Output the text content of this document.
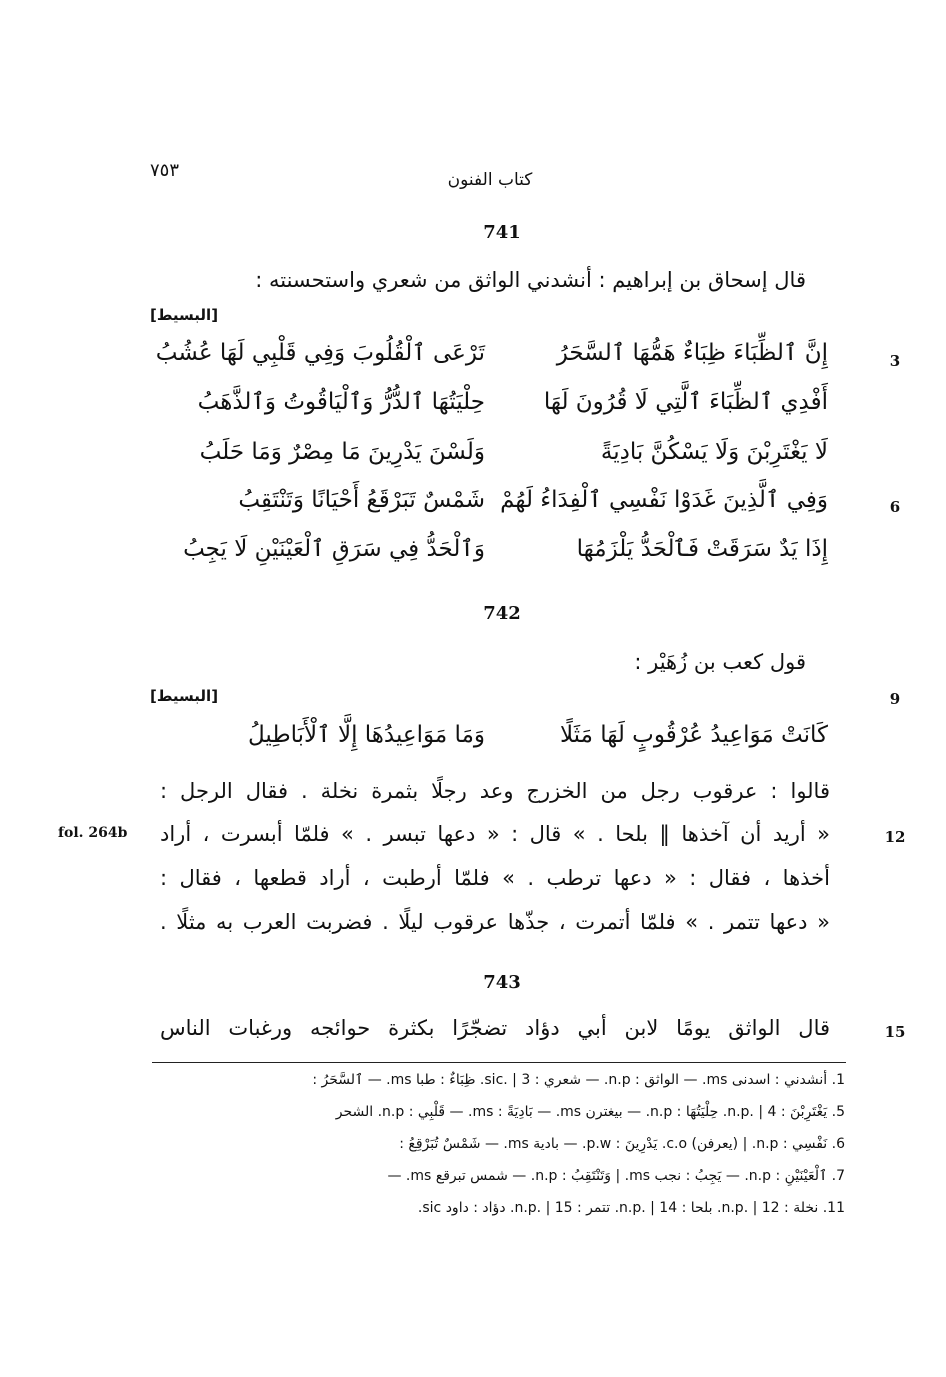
كتاب الفنون
٧٥٣
741
قال إسحاق بن إبراهيم : أنشدني الواثق من شعري واستحسنته :
[البسيط]
إِنَّ ٱلظِّبَاءَ ظِبَاءٌ هَمُّهَا ٱلسَّحَرُ
تَرْعَى ٱلْقُلُوبَ وَفِي قَلْبِي لَهَا عُشُبُ	3
أَفْدِي ٱلظِّبَاءَ ٱلَّتِي لَا قُرُونَ لَهَا
حِلْيَتُهَا ٱلدُّرُّ وَٱلْيَاقُوتُ وَٱلذَّهَبُ
لَا يَغْتَرِبْنَ وَلَا يَسْكُنَّ بَادِيَةً
وَلَسْنَ يَدْرِينَ مَا مِصْرٌ وَمَا حَلَبُ
وَفِي ٱلَّذِينَ غَدَوْا نَفْسِي ٱلْفِدَاءُ لَهُمْ
شَمْسٌ تَبَرْقَعُ أَحْيَانًا وَتَنْتَقِبُ	6
إِذَا يَدٌ سَرَقَتْ فَٱلْحَدُّ يَلْزَمُهَا
وَٱلْحَدُّ فِي سَرَقِ ٱلْعَيْنَيْنِ لَا يَجِبُ
742
قول كعب بن زُهَيْر :
[البسيط]	9
كَانَتْ مَوَاعِيدُ عُرْقُوبٍ لَهَا مَثَلًا
وَمَا مَوَاعِيدُهَا إِلَّا ٱلْأَبَاطِيلُ
قالوا : عرقوب رجل من الخزرج وعد رجلًا بثمرة نخلة . فقال الرجل :
« أريد أن آخذها ‖ بلحا . » قال : « دعها تبسر . » فلمّا أبسرت ، أراد	12
fol. 264b
أخذها ، فقال : « دعها ترطب . » فلمّا أرطبت ، أراد قطعها ، فقال :
« دعها تتمر . » فلمّا أتمرت ، جذّها عرقوب ليلًا . فضربت العرب به مثلًا .
743
قال الواثق يومًا لابن أبي دؤاد تضجّرًا بكثرة حوائجه ورغبات الناس	15
1. أنشدني : اسدنى ms. — الواثق : n.p. — شعري : sic. | 3. ظِبَاءٌ : طبا ms. — ٱلسَّحَرُ :
5. يَغْتَرِبْنَ : n.p. | 4. حِلْيَتُهَا : n.p. — بيغترن ms. — بَادِيَةً : ms. — قَلْبِي : n.p. الشحر
6. نَفْسِي : n.p. | (يعرفن) c.o. يَدْرِينَ : p.w. — بادية ms. — شَمْسٌ تُبَرْقِعُ :
7. ٱلْعَيْنَيْنِ : n.p. — يَجِبُ : نجب ms. | وَتَنْتَقِبُ : n.p. — شمس تبرقع ms. —
11. نخلة : n.p. | 12. بلحا : n.p. | 14. تتمر : n.p. | 15. دؤاد : داود sic.
